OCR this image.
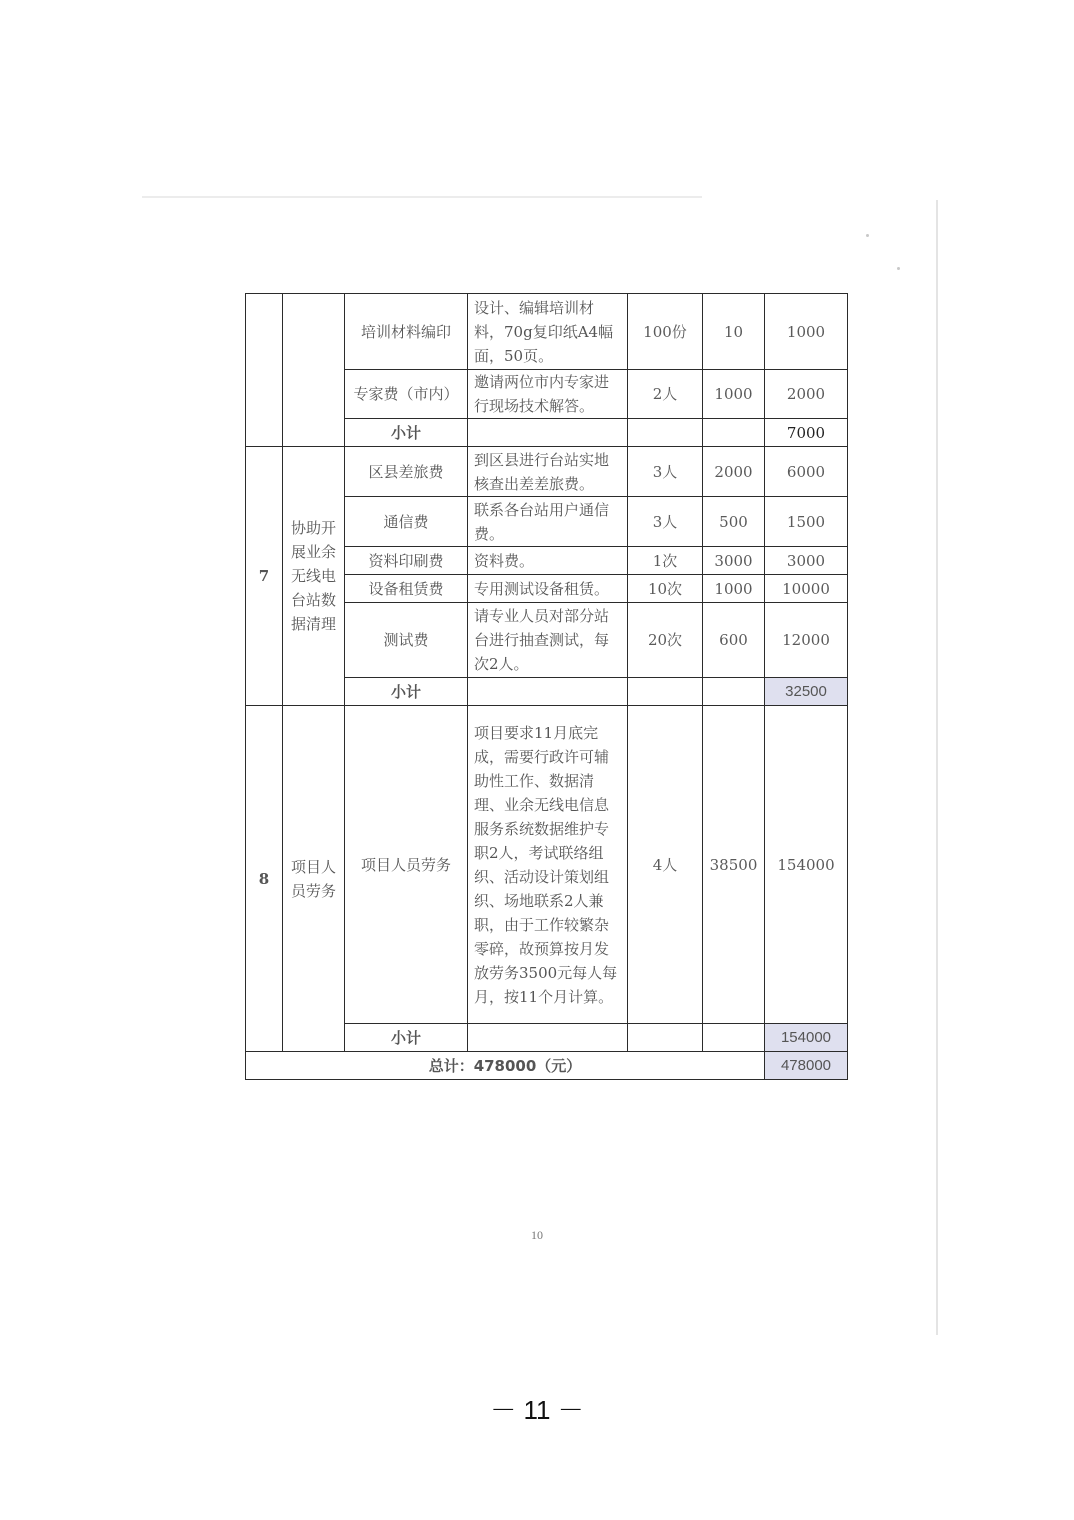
		培训材料编印	设计、编辑培训材料，70g复印纸A4幅面，50页。	100份	10	1000
		专家费（市内）	邀请两位市内专家进行现场技术解答。	2人	1000	2000
		小计				7000
7	协助开展业余无线电台站数据清理	区县差旅费	到区县进行台站实地核查出差差旅费。	3人	2000	6000
		通信费	联系各台站用户通信费。	3人	500	1500
		资料印刷费	资料费。	1次	3000	3000
		设备租赁费	专用测试设备租赁。	10次	1000	10000
		测试费	请专业人员对部分站台进行抽查测试，每次2人。	20次	600	12000
		小计				32500
8	项目人员劳务	项目人员劳务	项目要求11月底完成，需要行政许可辅助性工作、数据清理、业余无线电信息服务系统数据维护专职2人，考试联络组织、活动设计策划组织、场地联系2人兼职，由于工作较繁杂零碎，故预算按月发放劳务3500元每人每月，按11个月计算。	4人	38500	154000
		小计				154000
总计：478000（元）						478000
10
－ 11 －
